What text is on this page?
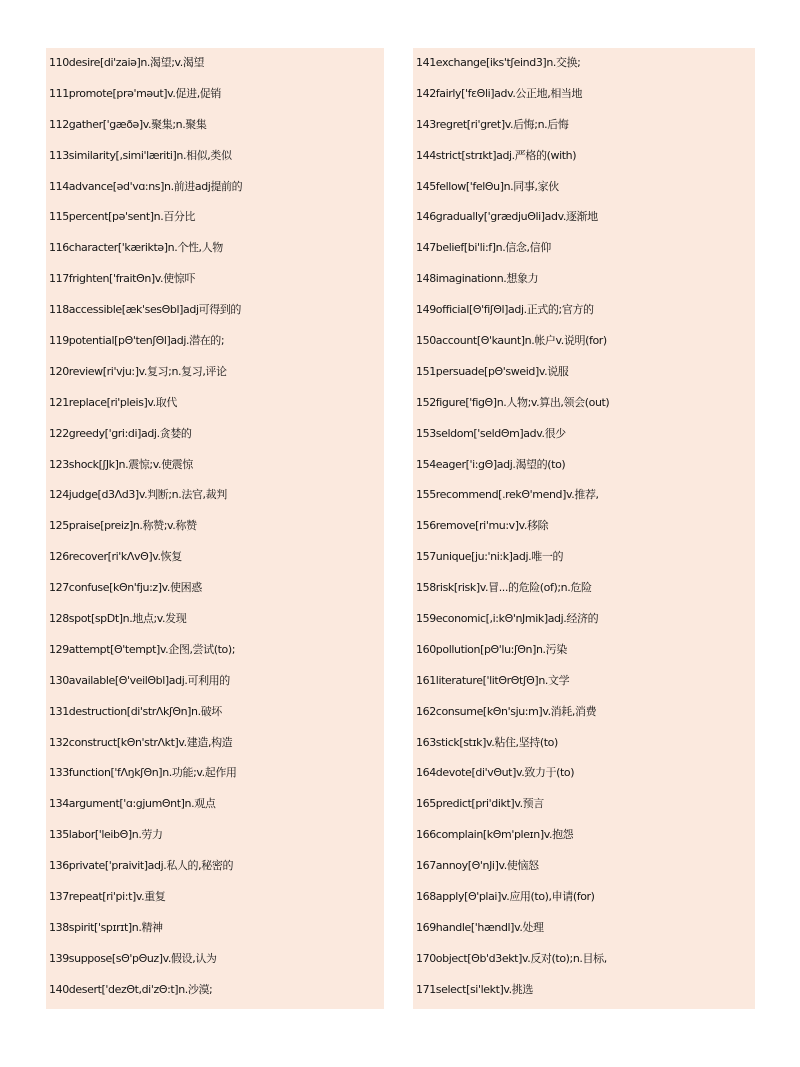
110desire[di'zaiə]n.渴望;v.渴望
111promote[prə'məut]v.促进,促销
112gather['gæðə]v.聚集;n.聚集
113similarity[,simi'læriti]n.相似,类似
114advance[əd'vɑ:ns]n.前进adj提前的
115percent[pə'sent]n.百分比
116character['kæriktə]n.个性,人物
117frighten['fraitΘn]v.使惊吓
118accessible[æk'sesΘbl]adj可得到的
119potential[pΘ'tenʃΘl]adj.潜在的;
120review[ri'vju:]v.复习;n.复习,评论
121replace[ri'pleis]v.取代
122greedy['gri:di]adj.贪婪的
123shock[ʃJk]n.震惊;v.使震惊
124judge[d3Λd3]v.判断;n.法官,裁判
125praise[preiz]n.称赞;v.称赞
126recover[ri'kΛvΘ]v.恢复
127confuse[kΘn'fju:z]v.使困惑
128spot[spDt]n.地点;v.发现
129attempt[Θ'tempt]v.企图,尝试(to);
130available[Θ'veilΘbl]adj.可利用的
131destruction[di'strΛkʃΘn]n.破坏
132construct[kΘn'strΛkt]v.建造,构造
133function['fΛŋkʃΘn]n.功能;v.起作用
134argument['ɑ:gjumΘnt]n.观点
135labor['leibΘ]n.劳力
136private['praivit]adj.私人的,秘密的
137repeat[ri'pi:t]v.重复
138spirit['spɪrɪt]n.精神
139suppose[sΘ'pΘuz]v.假设,认为
140desert['dezΘt,di'zΘ:t]n.沙漠;
141exchange[iks'tʃeind3]n.交换;
142fairly['fɛΘli]adv.公正地,相当地
143regret[ri'gret]v.后悔;n.后悔
144strict[strɪkt]adj.严格的(with)
145fellow['felΘu]n.同事,家伙
146gradually['grædjuΘli]adv.逐渐地
147belief[bi'li:f]n.信念,信仰
148imaginationn.想象力
149official[Θ'fiʃΘl]adj.正式的;官方的
150account[Θ'kaunt]n.帐户v.说明(for)
151persuade[pΘ'sweid]v.说服
152figure['figΘ]n.人物;v.算出,领会(out)
153seldom['seldΘm]adv.很少
154eager['i:gΘ]adj.渴望的(to)
155recommend[.rekΘ'mend]v.推荐,
156remove[ri'mu:v]v.移除
157unique[ju:'ni:k]adj.唯一的
158risk[risk]v.冒...的危险(of);n.危险
159economic[,i:kΘ'nJmik]adj.经济的
160pollution[pΘ'lu:ʃΘn]n.污染
161literature['litΘrΘtʃΘ]n.文学
162consume[kΘn'sju:m]v.消耗,消费
163stick[stɪk]v.粘住,坚持(to)
164devote[di'vΘut]v.致力于(to)
165predict[pri'dikt]v.预言
166complain[kΘm'pleɪn]v.抱怨
167annoy[Θ'nJi]v.使恼怒
168apply[Θ'plai]v.应用(to),申请(for)
169handle['hændl]v.处理
170object[Θb'd3ekt]v.反对(to);n.目标,
171select[si'lekt]v.挑选
